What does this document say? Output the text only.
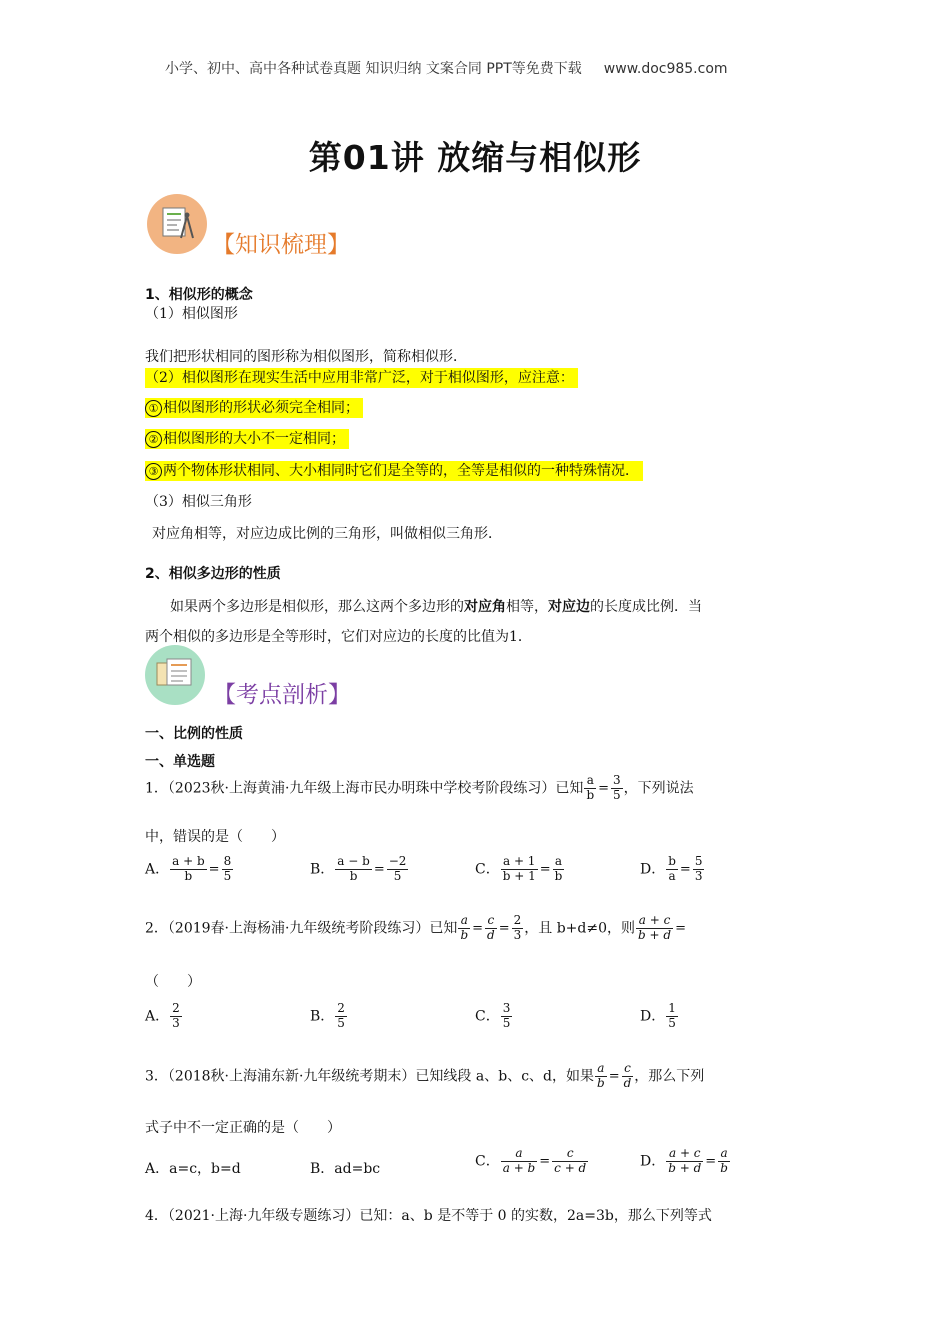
小学、初中、高中各种试卷真题 知识归纳 文案合同 PPT等免费下载 www.doc985.com
第01讲 放缩与相似形
【知识梳理】
1、相似形的概念
（1）相似图形
我们把形状相同的图形称为相似图形，简称相似形．
（2）相似图形在现实生活中应用非常广泛，对于相似图形，应注意：
① 相似图形的形状必须完全相同；
② 相似图形的大小不一定相同；
③ 两个物体形状相同、大小相同时它们是全等的，全等是相似的一种特殊情况．
（3）相似三角形
对应角相等，对应边成比例的三角形，叫做相似三角形．
2、相似多边形的性质
如果两个多边形是相似形，那么这两个多边形的对应角相等，对应边的长度成比例．当
两个相似的多边形是全等形时，它们对应边的长度的比值为1．
【考点剖析】
一、比例的性质
一、单选题
1．（2023秋·上海黄浦·九年级上海市民办明珠中学校考阶段练习）已知 $\frac{a}{b} = \frac{3}{5}$ ，下列说法
中，错误的是（　　）
A． $\frac{a + b}{b} = \frac{8}{5}$	B． $\frac{a - b}{b} = \frac{-2}{5}$	C． $\frac{a + 1}{b + 1} = \frac{a}{b}$	D． $\frac{b}{a} = \frac{5}{3}$
2．（2019春·上海杨浦·九年级统考阶段练习）已知 $\frac{a}{b} = \frac{c}{d} = \frac{2}{3}$ ，且 b+d≠0，则 $\frac{a + c}{b + d}$ =
（　　）
A． $\frac{2}{3}$	B． $\frac{2}{5}$	C． $\frac{3}{5}$	D． $\frac{1}{5}$
3．（2018秋·上海浦东新·九年级统考期末）已知线段 a、b、c、d，如果 $\frac{a}{b} = \frac{c}{d}$ ，那么下列
式子中不一定正确的是（　　）
A．a=c，b=d	B．ad=bc	C． $\frac{a}{a + b} = \frac{c}{c + d}$	D． $\frac{a + c}{b + d} = \frac{a}{b}$
4．（2021·上海·九年级专题练习）已知：a、b 是不等于 0 的实数，2a=3b，那么下列等式
